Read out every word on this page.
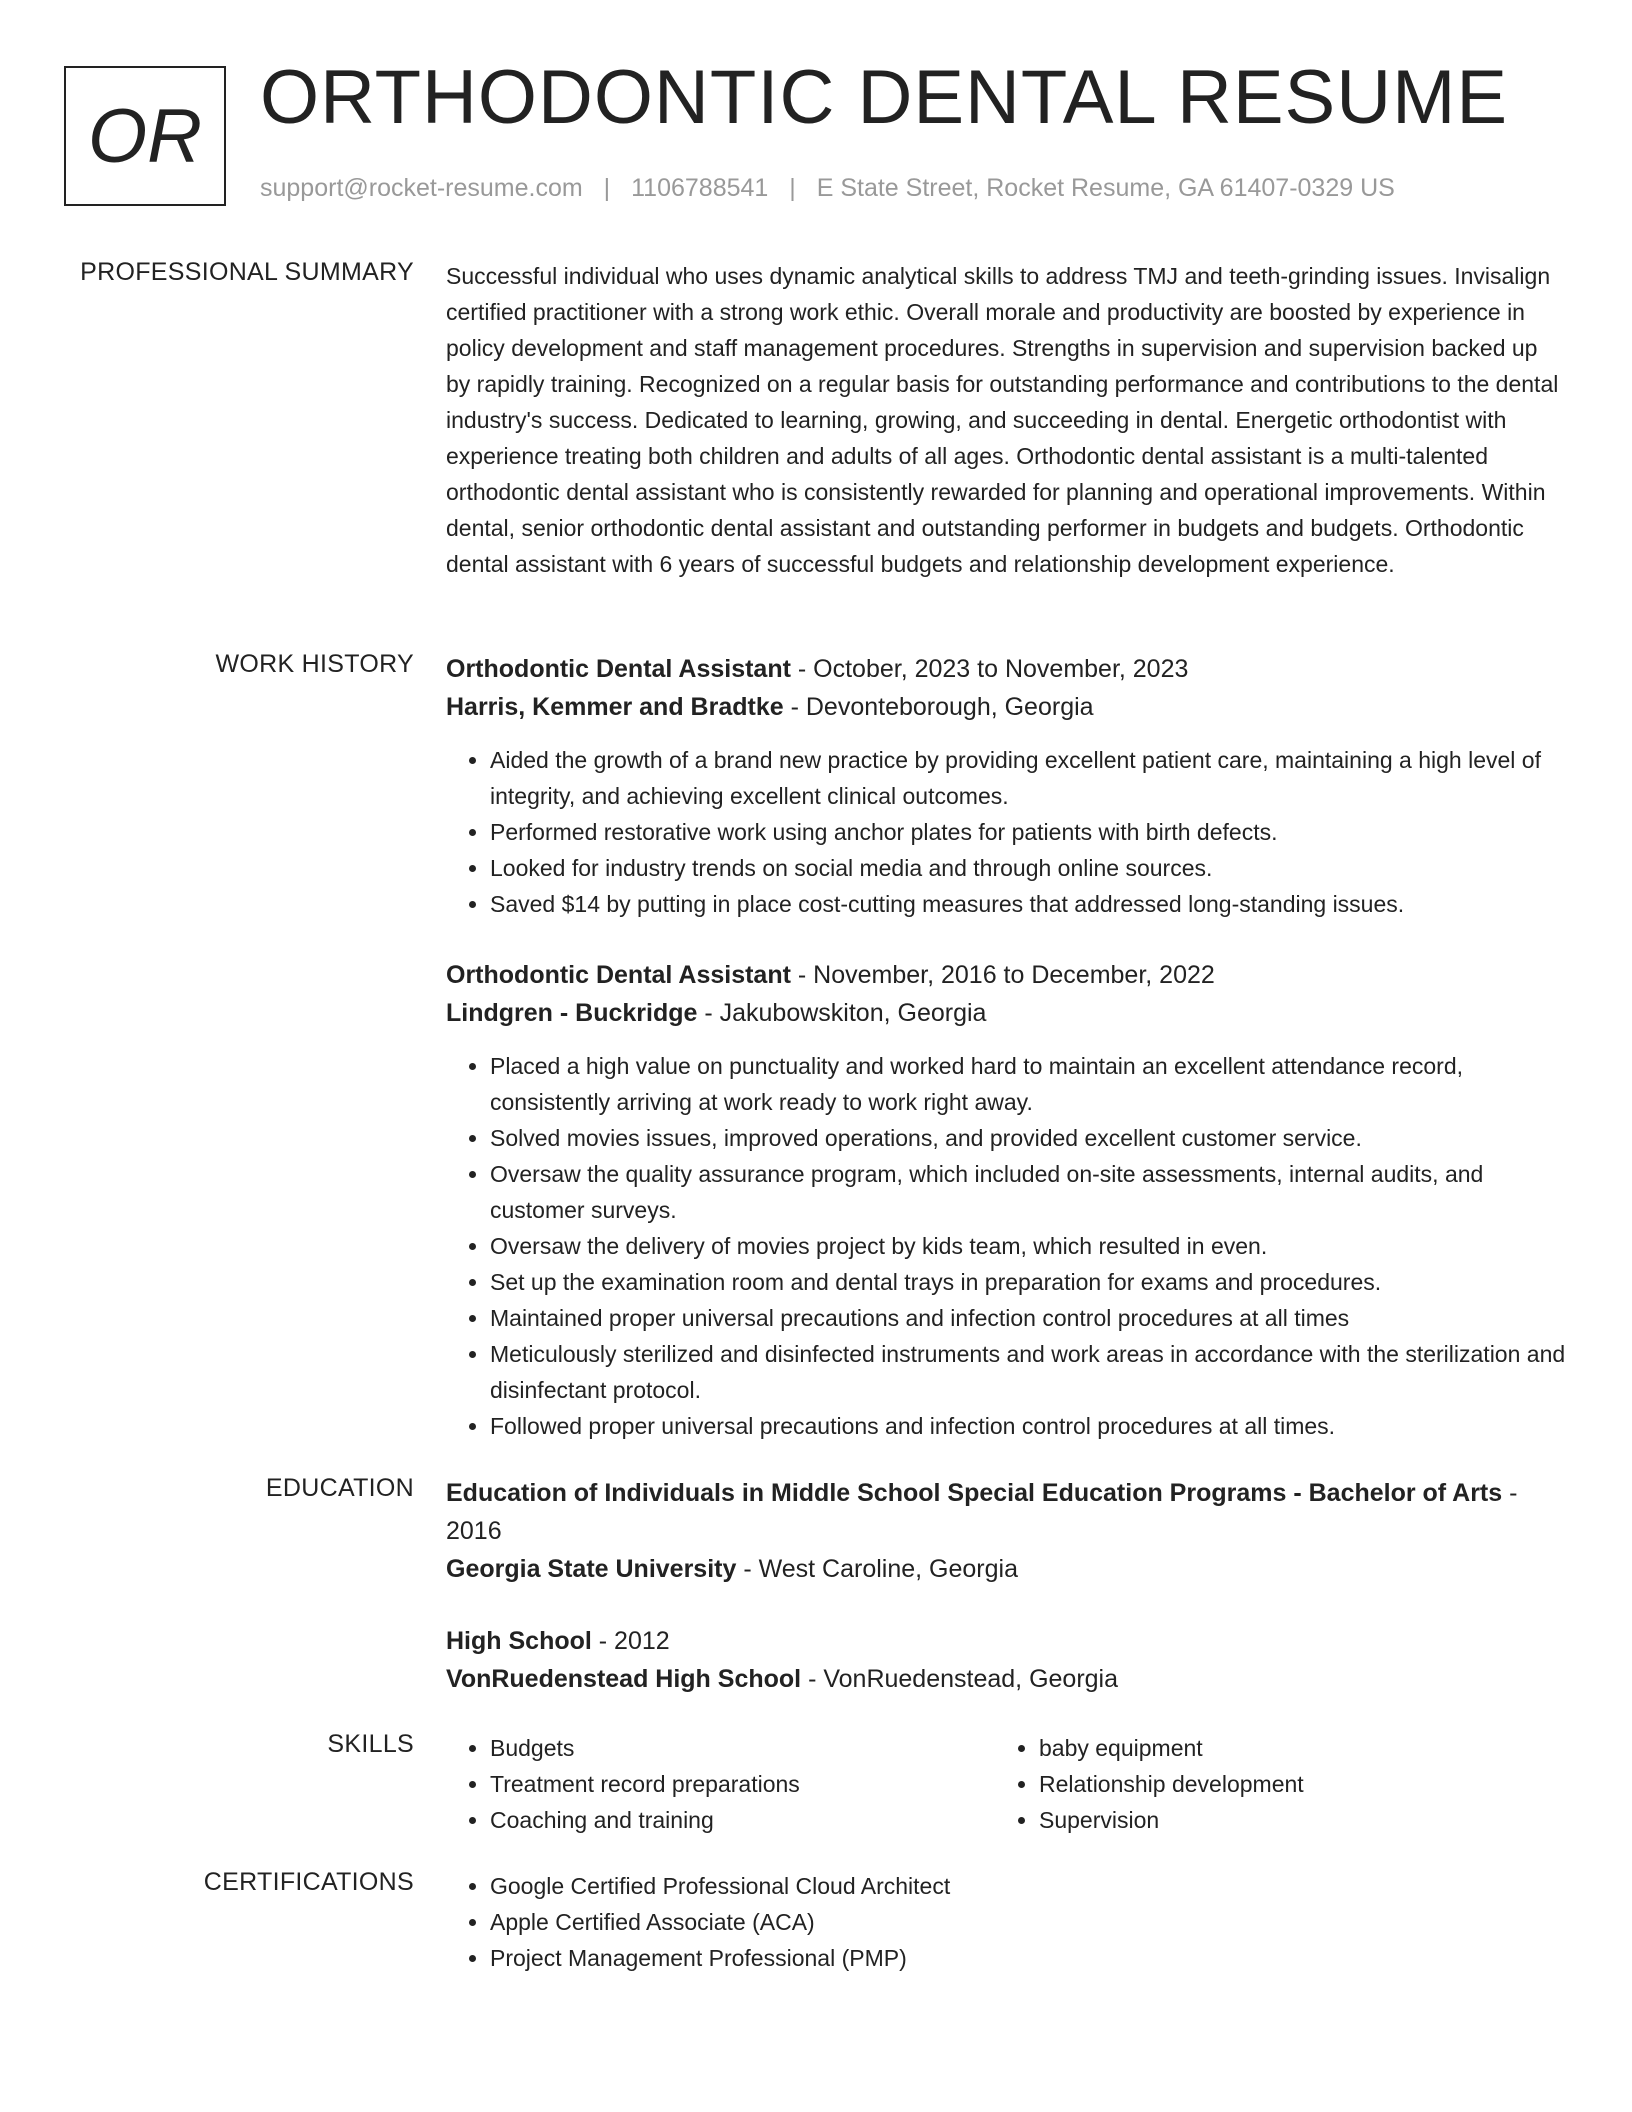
OR ORTHODONTIC DENTAL RESUME
support@rocket-resume.com | 1106788541 | E State Street, Rocket Resume, GA 61407-0329 US
PROFESSIONAL SUMMARY Successful individual who uses dynamic analytical skills to address TMJ and teeth-grinding issues. Invisalign certified practitioner with a strong work ethic. Overall morale and productivity are boosted by experience in policy development and staff management procedures. Strengths in supervision and supervision backed up by rapidly training. Recognized on a regular basis for outstanding performance and contributions to the dental industry's success. Dedicated to learning, growing, and succeeding in dental. Energetic orthodontist with experience treating both children and adults of all ages. Orthodontic dental assistant is a multi-talented orthodontic dental assistant who is consistently rewarded for planning and operational improvements. Within dental, senior orthodontic dental assistant and outstanding performer in budgets and budgets. Orthodontic dental assistant with 6 years of successful budgets and relationship development experience.

WORK HISTORY Orthodontic Dental Assistant - October, 2023 to November, 2023

Harris, Kemmer and Bradtke - Devonteborough, Georgia

• Aided the growth of a brand new practice by providing excellent patient care, maintaining a high level of integrity, and achieving excellent clinical outcomes.
• Performed restorative work using anchor plates for patients with birth defects.
• Looked for industry trends on social media and through online sources.
• Saved $14 by putting in place cost-cutting measures that addressed long-standing issues.

Orthodontic Dental Assistant - November, 2016 to December, 2022

Lindgren - Buckridge - Jakubowskiton, Georgia

• Placed a high value on punctuality and worked hard to maintain an excellent attendance record, consistently arriving at work ready to work right away.
• Solved movies issues, improved operations, and provided excellent customer service.
• Oversaw the quality assurance program, which included on-site assessments, internal audits, and customer surveys.
• Oversaw the delivery of movies project by kids team, which resulted in even.
• Set up the examination room and dental trays in preparation for exams and procedures.
• Maintained proper universal precautions and infection control procedures at all times
• Meticulously sterilized and disinfected instruments and work areas in accordance with the sterilization and disinfectant protocol.
• Followed proper universal precautions and infection control procedures at all times.
EDUCATION Education of Individuals in Middle School Special Education Programs - Bachelor of Arts - 2016

Georgia State University - West Caroline, Georgia

High School - 2012

VonRuedenstead High School - VonRuedenstead, Georgia

SKILLS	• Budgets
• Treatment record preparations
• Coaching and training
• baby equipment
• Relationship development
• Supervision
CERTIFICATIONS	• Google Certified Professional Cloud Architect
• Apple Certified Associate (ACA)
• Project Management Professional (PMP)
